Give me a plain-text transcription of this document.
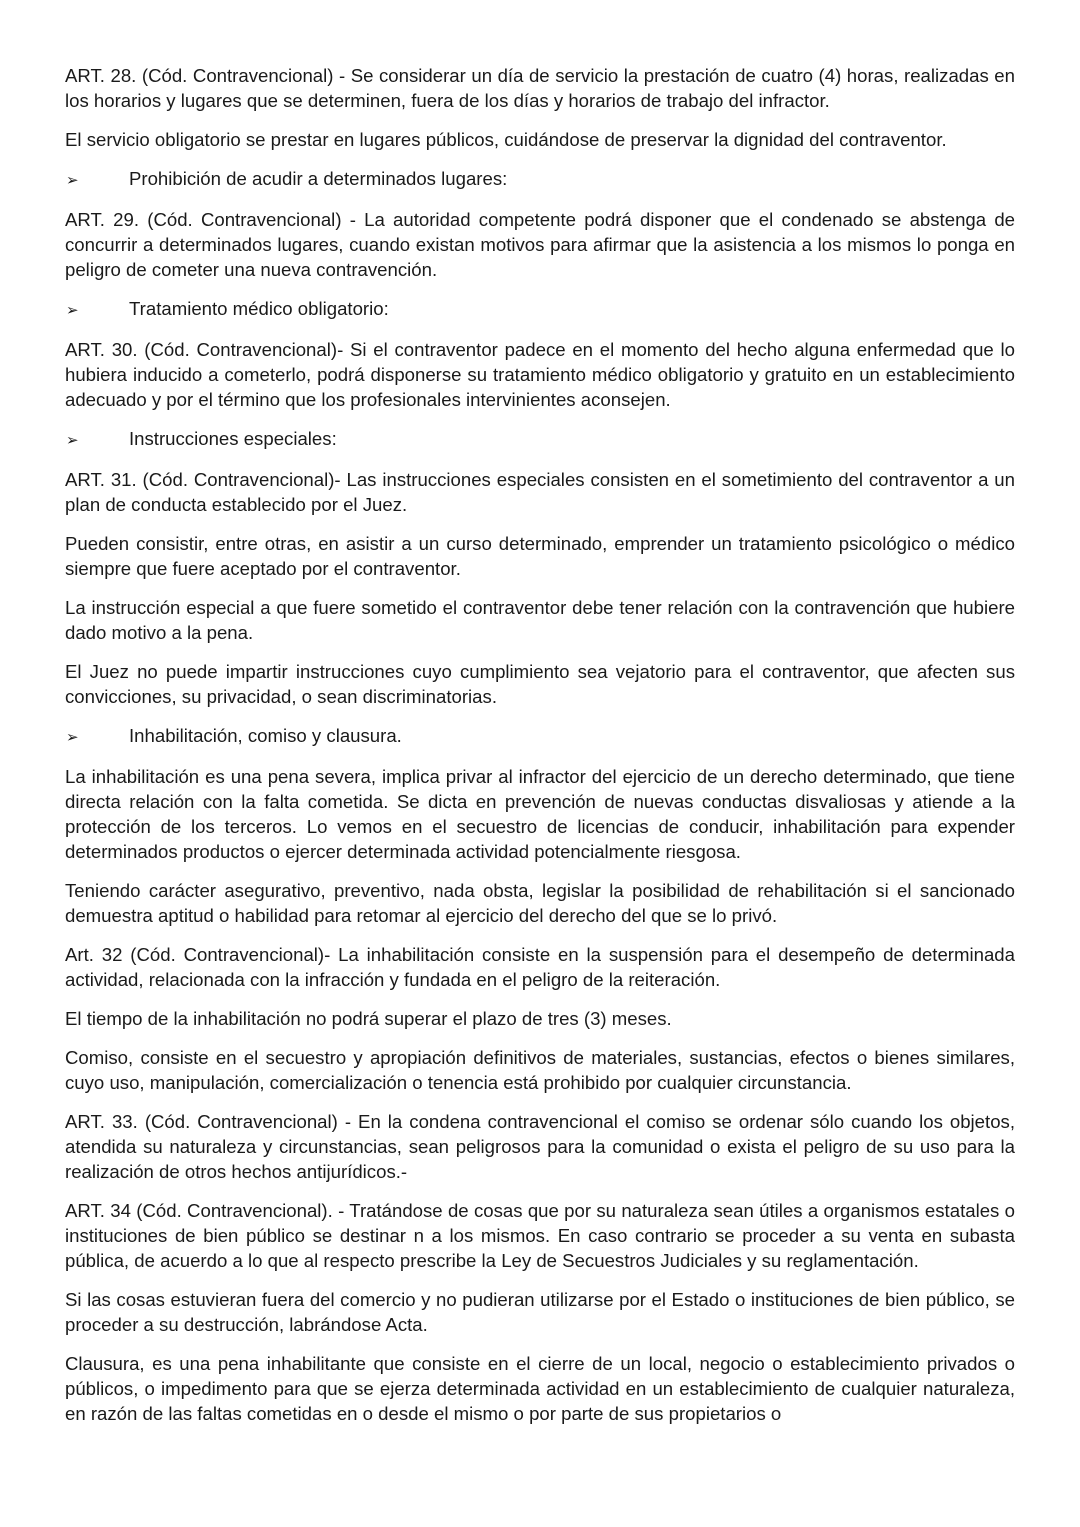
ART. 28. (Cód. Contravencional) - Se considerar un día de servicio la prestación de cuatro (4) horas, realizadas en los horarios y lugares que se determinen, fuera de los días y horarios de trabajo del infractor.

El servicio obligatorio se prestar en lugares públicos, cuidándose de preservar la dignidad del contraventor.

➢	Prohibición de acudir a determinados lugares:

ART. 29. (Cód. Contravencional) - La autoridad competente podrá disponer que el condenado se abstenga de concurrir a determinados lugares, cuando existan motivos para afirmar que la asistencia a los mismos lo ponga en peligro de cometer una nueva contravención.

➢	Tratamiento médico obligatorio:

ART. 30. (Cód. Contravencional)- Si el contraventor padece en el momento del hecho alguna enfermedad que lo hubiera inducido a cometerlo, podrá disponerse su tratamiento médico obligatorio y gratuito en un establecimiento adecuado y por el término que los profesionales intervinientes aconsejen.

➢	Instrucciones especiales:

ART. 31. (Cód. Contravencional)- Las instrucciones especiales consisten en el sometimiento del contraventor a un plan de conducta establecido por el Juez.

Pueden consistir, entre otras, en asistir a un curso determinado, emprender un tratamiento psicológico o médico siempre que fuere aceptado por el contraventor.

La instrucción especial a que fuere sometido el contraventor debe tener relación con la contravención que hubiere dado motivo a la pena.

El Juez no puede impartir instrucciones cuyo cumplimiento sea vejatorio para el contraventor, que afecten sus convicciones, su privacidad, o sean discriminatorias.

➢	Inhabilitación, comiso y clausura.

La inhabilitación es una pena severa, implica privar al infractor del ejercicio de un derecho determinado, que tiene directa relación con la falta cometida. Se dicta en prevención de nuevas conductas disvaliosas y atiende a la protección de los terceros. Lo vemos en el secuestro de licencias de conducir, inhabilitación para expender determinados productos o ejercer determinada actividad potencialmente riesgosa.

Teniendo carácter asegurativo, preventivo, nada obsta, legislar la posibilidad de rehabilitación si el sancionado demuestra aptitud o habilidad para retomar al ejercicio del derecho del que se lo privó.

Art. 32 (Cód. Contravencional)- La inhabilitación consiste en la suspensión para el desempeño de determinada actividad, relacionada con la infracción y fundada en el peligro de la reiteración.

El tiempo de la inhabilitación no podrá superar el plazo de tres (3) meses.

Comiso, consiste en el secuestro y apropiación definitivos de materiales, sustancias, efectos o bienes similares, cuyo uso, manipulación, comercialización o tenencia está prohibido por cualquier circunstancia.

ART. 33. (Cód. Contravencional) - En la condena contravencional el comiso se ordenar sólo cuando los objetos, atendida su naturaleza y circunstancias, sean peligrosos para la comunidad o exista el peligro de su uso para la realización de otros hechos antijurídicos.-

ART. 34 (Cód. Contravencional). - Tratándose de cosas que por su naturaleza sean útiles a organismos estatales o instituciones de bien público se destinar n a los mismos. En caso contrario se proceder a su venta en subasta pública, de acuerdo a lo que al respecto prescribe la Ley de Secuestros Judiciales y su reglamentación.

Si las cosas estuvieran fuera del comercio y no pudieran utilizarse por el Estado o instituciones de bien público, se proceder a su destrucción, labrándose Acta.

Clausura, es una pena inhabilitante que consiste en el cierre de un local, negocio o establecimiento privados o públicos, o impedimento para que se ejerza determinada actividad en un establecimiento de cualquier naturaleza, en razón de las faltas cometidas en o desde el mismo o por parte de sus propietarios o
